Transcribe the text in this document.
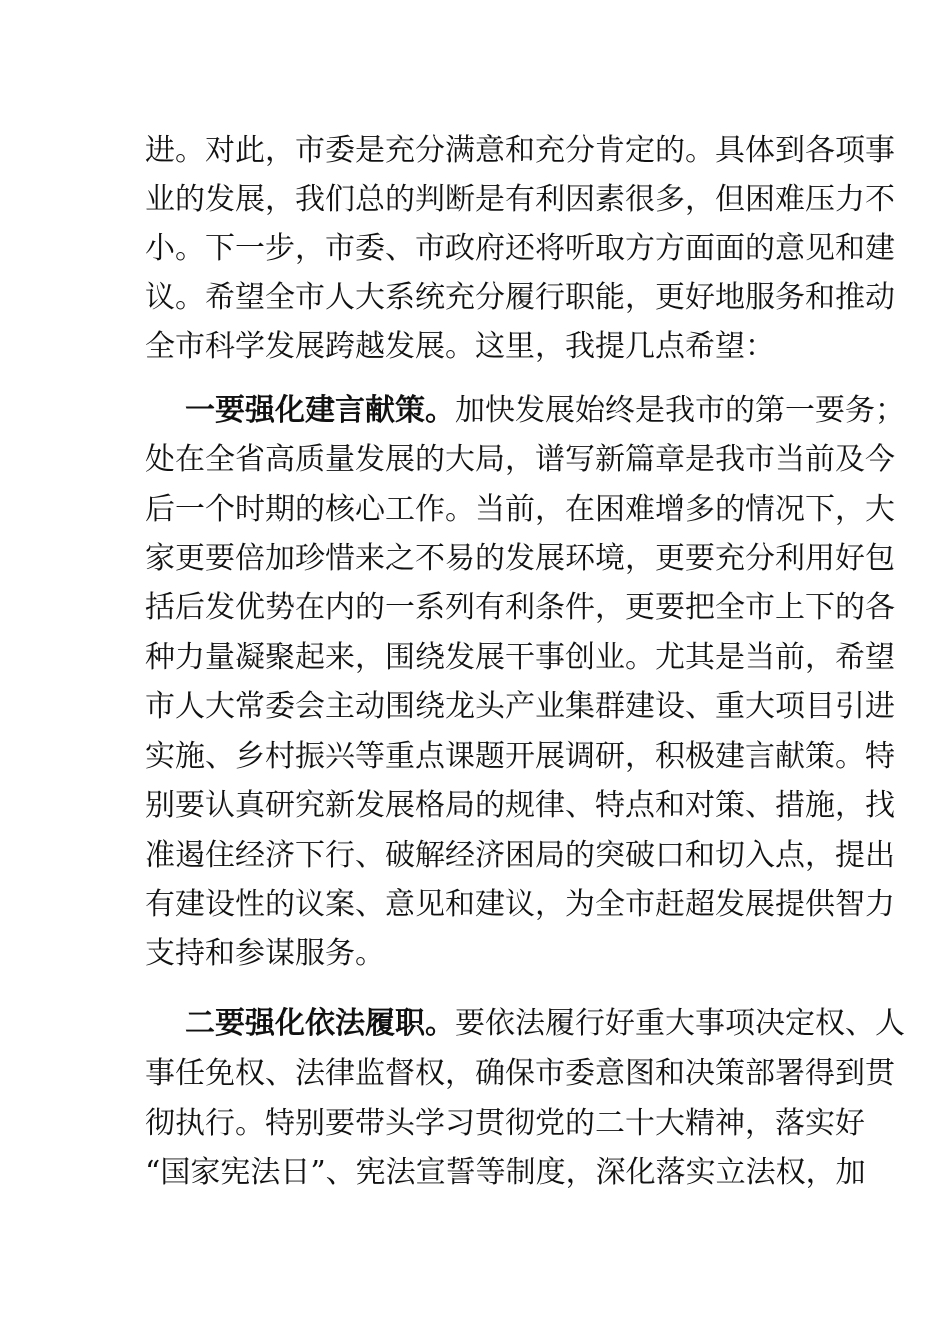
进。对此，市委是充分满意和充分肯定的。具体到各项事
业的发展，我们总的判断是有利因素很多，但困难压力不
小。下一步，市委、市政府还将听取方方面面的意见和建
议。希望全市人大系统充分履行职能，更好地服务和推动
全市科学发展跨越发展。这里，我提几点希望：
一要强化建言献策。加快发展始终是我市的第一要务；
处在全省高质量发展的大局，谱写新篇章是我市当前及今
后一个时期的核心工作。当前，在困难增多的情况下，大
家更要倍加珍惜来之不易的发展环境，更要充分利用好包
括后发优势在内的一系列有利条件，更要把全市上下的各
种力量凝聚起来，围绕发展干事创业。尤其是当前，希望
市人大常委会主动围绕龙头产业集群建设、重大项目引进
实施、乡村振兴等重点课题开展调研，积极建言献策。特
别要认真研究新发展格局的规律、特点和对策、措施，找
准遏住经济下行、破解经济困局的突破口和切入点，提出
有建设性的议案、意见和建议，为全市赶超发展提供智力
支持和参谋服务。
二要强化依法履职。要依法履行好重大事项决定权、人
事任免权、法律监督权，确保市委意图和决策部署得到贯
彻执行。特别要带头学习贯彻党的二十大精神，落实好
“国家宪法日”、宪法宣誓等制度，深化落实立法权，加
